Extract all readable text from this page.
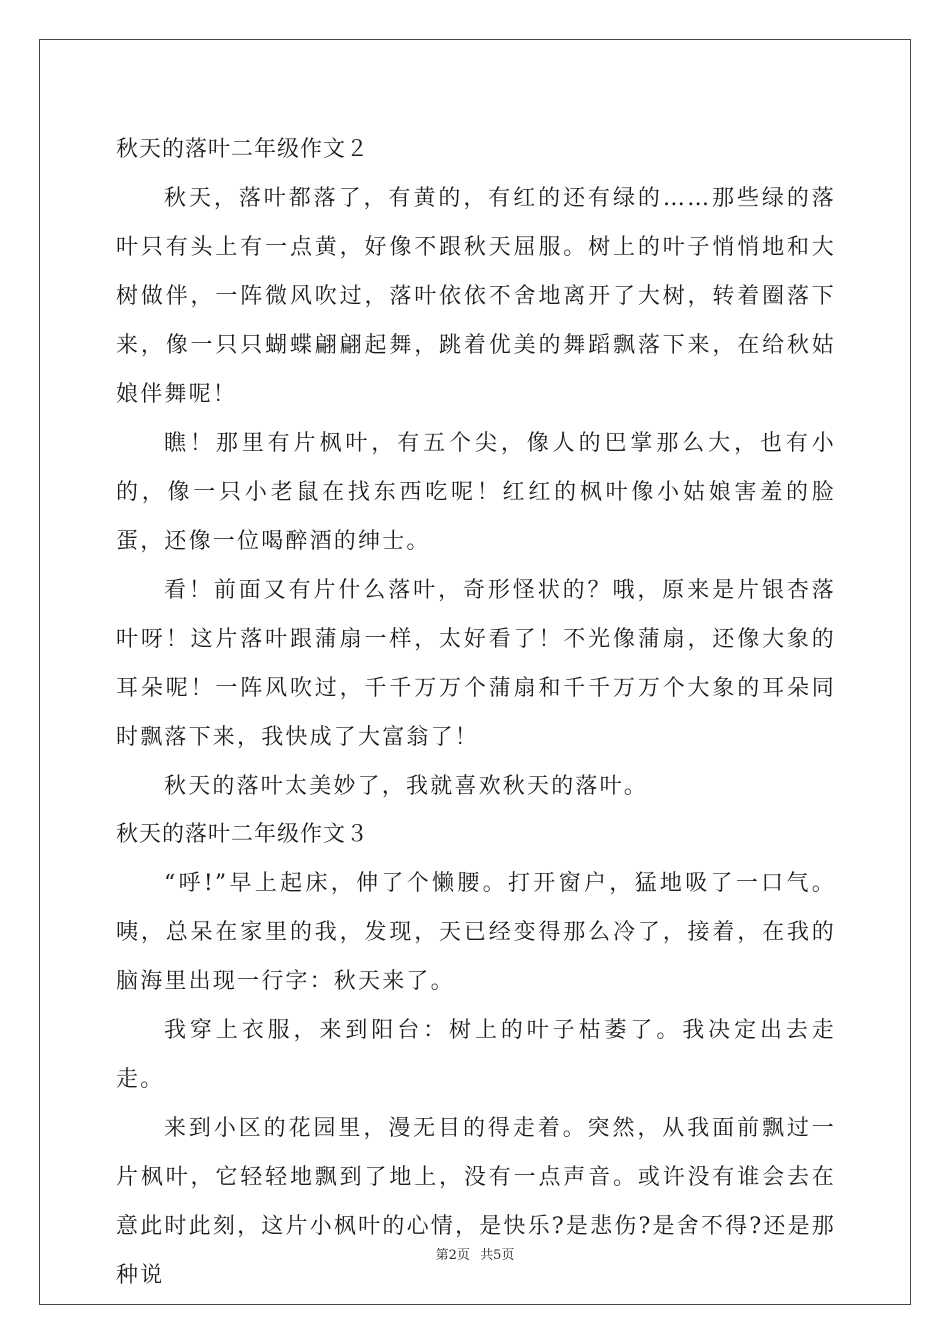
秋天的落叶二年级作文２

秋天，落叶都落了，有黄的，有红的还有绿的……那些绿的落叶只有头上有一点黄，好像不跟秋天屈服。树上的叶子悄悄地和大树做伴，一阵微风吹过，落叶依依不舍地离开了大树，转着圈落下来，像一只只蝴蝶翩翩起舞，跳着优美的舞蹈飘落下来，在给秋姑娘伴舞呢！

瞧！那里有片枫叶，有五个尖，像人的巴掌那么大，也有小的，像一只小老鼠在找东西吃呢！红红的枫叶像小姑娘害羞的脸蛋，还像一位喝醉酒的绅士。

看！前面又有片什么落叶，奇形怪状的？哦，原来是片银杏落叶呀！这片落叶跟蒲扇一样，太好看了！不光像蒲扇，还像大象的耳朵呢！一阵风吹过，千千万万个蒲扇和千千万万个大象的耳朵同时飘落下来，我快成了大富翁了！

秋天的落叶太美妙了，我就喜欢秋天的落叶。

秋天的落叶二年级作文３

“呼!”早上起床，伸了个懒腰。打开窗户，猛地吸了一口气。咦，总呆在家里的我，发现，天已经变得那么冷了，接着，在我的脑海里出现一行字：秋天来了。

我穿上衣服，来到阳台：树上的叶子枯萎了。我决定出去走走。

来到小区的花园里，漫无目的得走着。突然，从我面前飘过一片枫叶，它轻轻地飘到了地上，没有一点声音。或许没有谁会去在意此时此刻，这片小枫叶的心情，是快乐?是悲伤?是舍不得?还是那种说

第2页 共5页
